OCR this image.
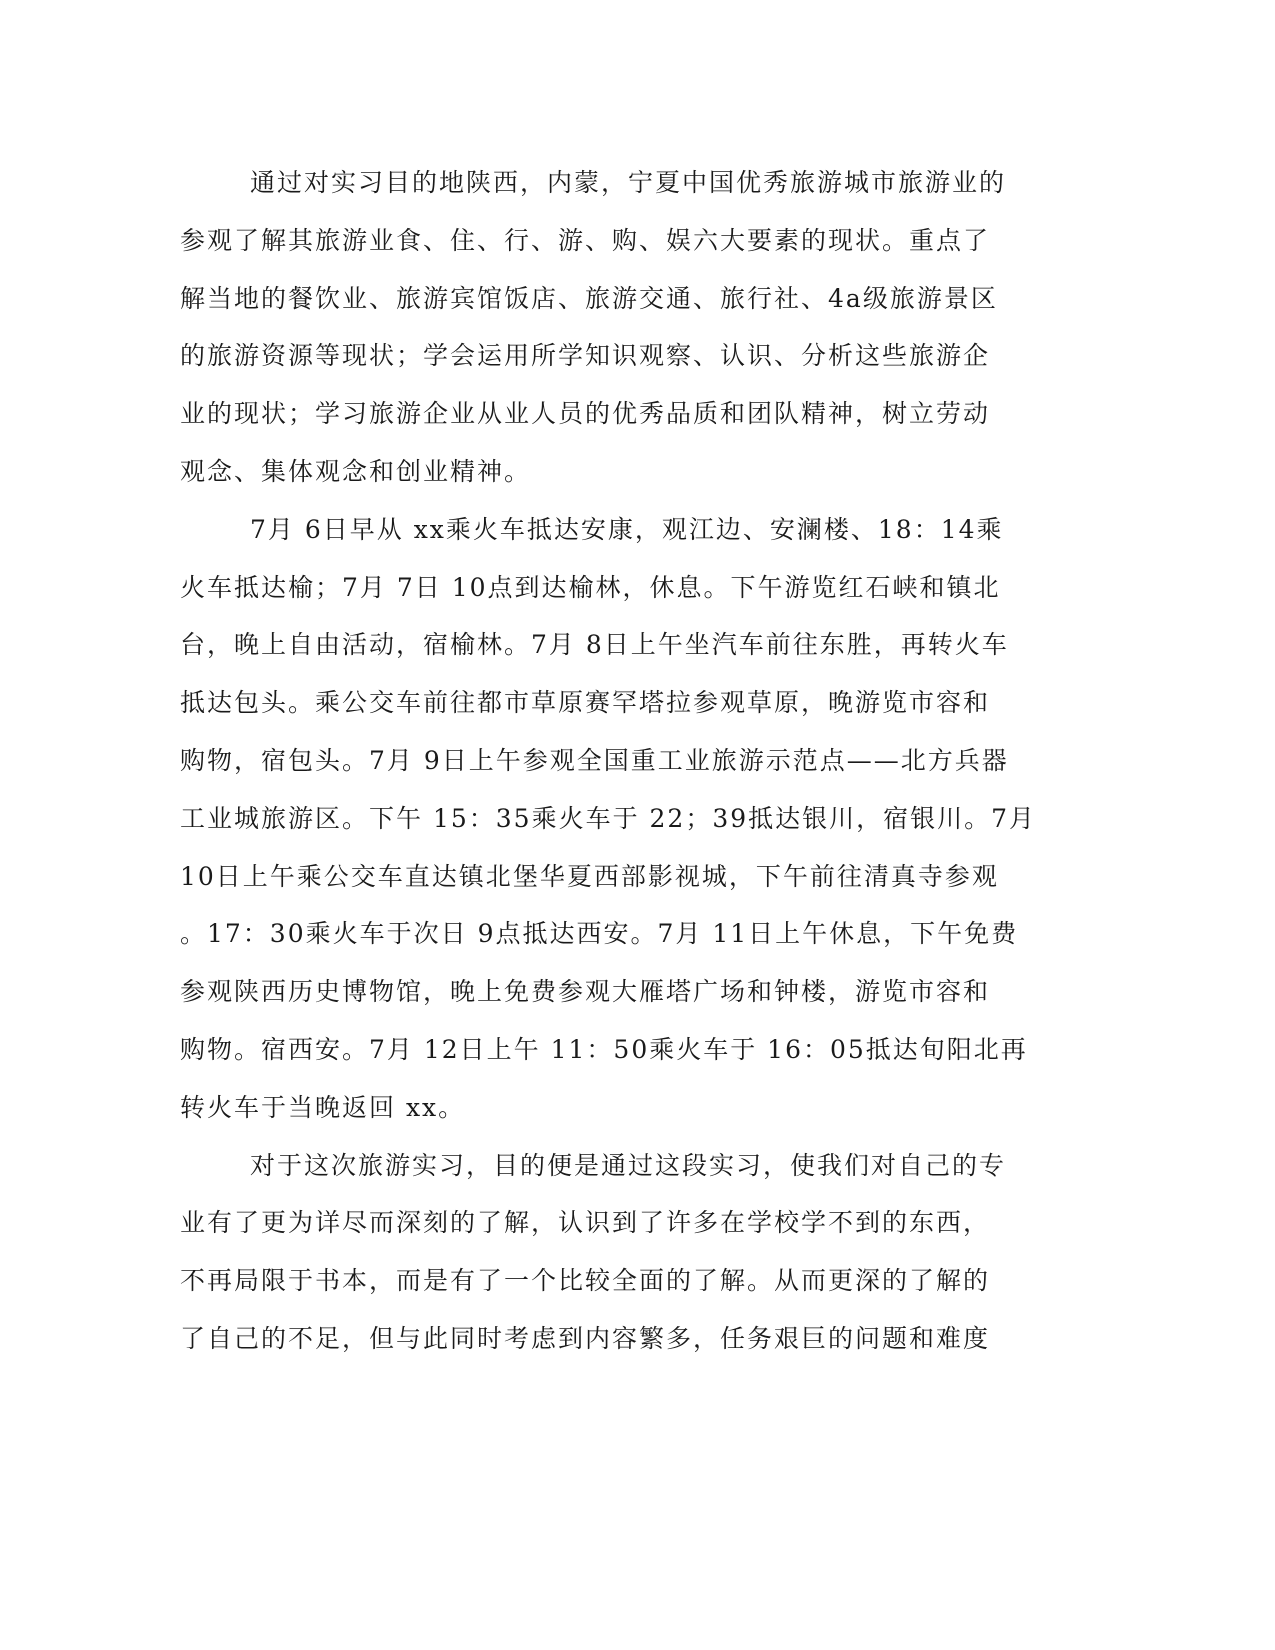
通过对实习目的地陕西，内蒙，宁夏中国优秀旅游城市旅游业的
参观了解其旅游业食、住、行、游、购、娱六大要素的现状。重点了
解当地的餐饮业、旅游宾馆饭店、旅游交通、旅行社、4a级旅游景区
的旅游资源等现状；学会运用所学知识观察、认识、分析这些旅游企
业的现状；学习旅游企业从业人员的优秀品质和团队精神，树立劳动
观念、集体观念和创业精神。
7月 6日早从 xx乘火车抵达安康，观江边、安澜楼、18：14乘
火车抵达榆；7月 7日 10点到达榆林，休息。下午游览红石峡和镇北
台，晚上自由活动，宿榆林。7月 8日上午坐汽车前往东胜，再转火车
抵达包头。乘公交车前往都市草原赛罕塔拉参观草原，晚游览市容和
购物，宿包头。7月 9日上午参观全国重工业旅游示范点——北方兵器
工业城旅游区。下午 15：35乘火车于 22；39抵达银川，宿银川。7月
10日上午乘公交车直达镇北堡华夏西部影视城，下午前往清真寺参观
。17：30乘火车于次日 9点抵达西安。7月 11日上午休息，下午免费
参观陕西历史博物馆，晚上免费参观大雁塔广场和钟楼，游览市容和
购物。宿西安。7月 12日上午 11：50乘火车于 16：05抵达旬阳北再
转火车于当晚返回 xx。
对于这次旅游实习，目的便是通过这段实习，使我们对自己的专
业有了更为详尽而深刻的了解，认识到了许多在学校学不到的东西，
不再局限于书本，而是有了一个比较全面的了解。从而更深的了解的
了自己的不足，但与此同时考虑到内容繁多，任务艰巨的问题和难度
